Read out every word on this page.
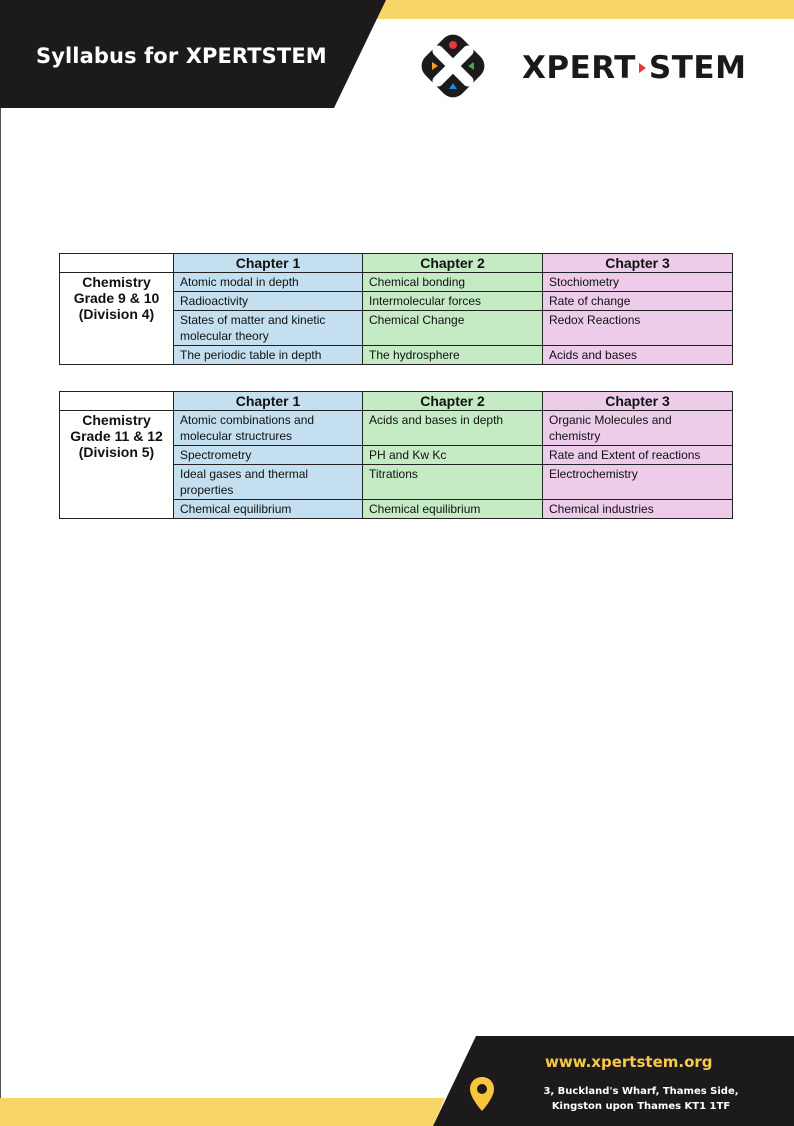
Syllabus for XPERTSTEM	XPERT STEM
	Chapter 1	Chapter 2	Chapter 3

Chemistry
Grade 9 & 10
(Division 4)	Atomic modal in depth	Chemical bonding	Stochiometry
	Radioactivity	Intermolecular forces	Rate of change
	States of matter and kinetic molecular theory	Chemical Change	Redox Reactions
	The periodic table in depth	The hydrosphere	Acids and bases
	Chapter 1	Chapter 2	Chapter 3

Chemistry
Grade 11 & 12
(Division 5)	Atomic combinations and molecular structrures	Acids and bases in depth	Organic Molecules and chemistry
	Spectrometry	PH and Kw Kc	Rate and Extent of reactions
	Ideal gases and thermal properties	Titrations	Electrochemistry
	Chemical equilibrium	Chemical equilibrium	Chemical industries
www.xpertstem.org
3, Buckland's Wharf, Thames Side,
Kingston upon Thames KT1 1TF
